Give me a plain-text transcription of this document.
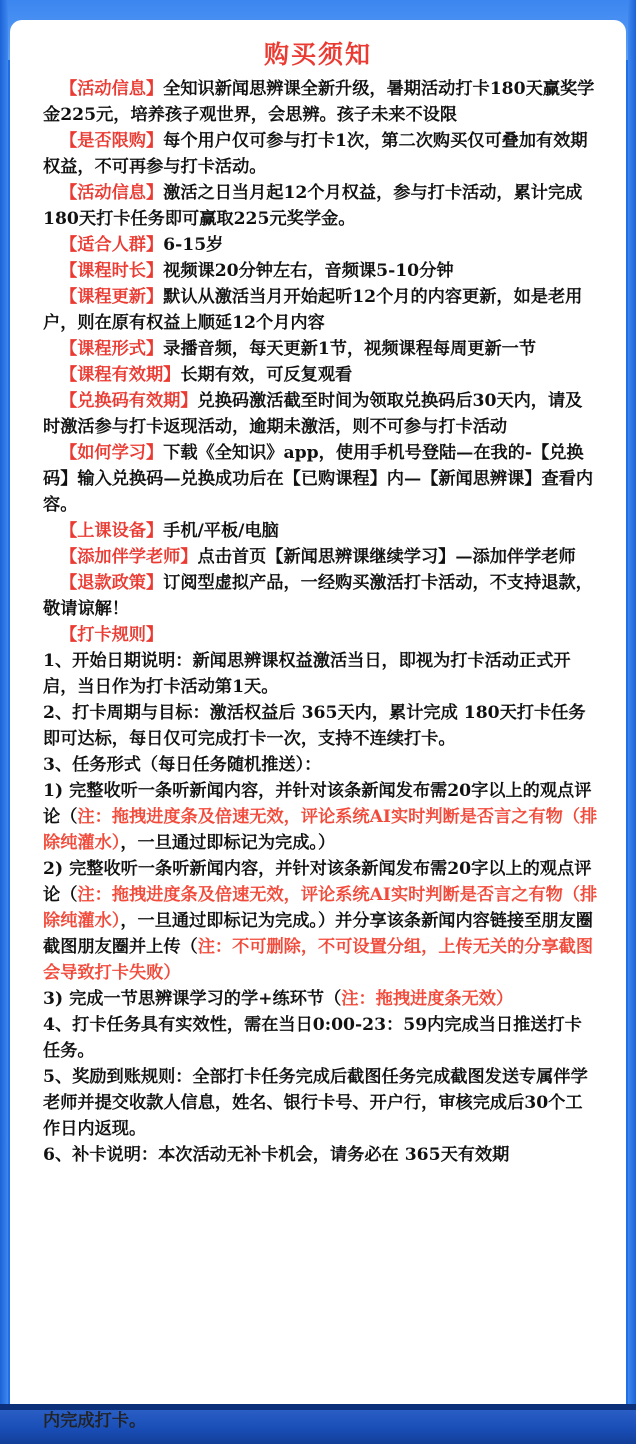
购买须知

【活动信息】全知识新闻思辨课全新升级，暑期活动打卡180天赢奖学金225元，培养孩子观世界，会思辨。孩子未来不设限

【是否限购】每个用户仅可参与打卡1次，第二次购买仅可叠加有效期权益，不可再参与打卡活动。

【活动信息】激活之日当月起12个月权益，参与打卡活动，累计完成180天打卡任务即可赢取225元奖学金。

【适合人群】6-15岁

【课程时长】视频课20分钟左右，音频课5-10分钟

【课程更新】默认从激活当月开始起听12个月的内容更新，如是老用户，则在原有权益上顺延12个月内容

【课程形式】录播音频，每天更新1节，视频课程每周更新一节

【课程有效期】长期有效，可反复观看

【兑换码有效期】兑换码激活截至时间为领取兑换码后30天内，请及时激活参与打卡返现活动，逾期未激活，则不可参与打卡活动

【如何学习】下载《全知识》app，使用手机号登陆—在我的-【兑换码】输入兑换码—兑换成功后在【已购课程】内—【新闻思辨课】查看内容。

【上课设备】手机/平板/电脑

【添加伴学老师】点击首页【新闻思辨课继续学习】—添加伴学老师

【退款政策】订阅型虚拟产品，一经购买激活打卡活动，不支持退款，敬请谅解！

【打卡规则】

1、开始日期说明：新闻思辨课权益激活当日，即视为打卡活动正式开启，当日作为打卡活动第1天。

2、打卡周期与目标：激活权益后 365天内，累计完成 180天打卡任务即可达标，每日仅可完成打卡一次，支持不连续打卡。

3、任务形式（每日任务随机推送）：

1) 完整收听一条听新闻内容，并针对该条新闻发布需20字以上的观点评论（注：拖拽进度条及倍速无效，评论系统AI实时判断是否言之有物（排除纯灌水），一旦通过即标记为完成。）

2) 完整收听一条听新闻内容，并针对该条新闻发布需20字以上的观点评论（注：拖拽进度条及倍速无效，评论系统AI实时判断是否言之有物（排除纯灌水），一旦通过即标记为完成。）并分享该条新闻内容链接至朋友圈截图朋友圈并上传（注：不可删除，不可设置分组，上传无关的分享截图会导致打卡失败）

3) 完成一节思辨课学习的学+练环节（注：拖拽进度条无效）

4、打卡任务具有实效性，需在当日0:00-23：59内完成当日推送打卡任务。

5、奖励到账规则：全部打卡任务完成后截图任务完成截图发送专属伴学老师并提交收款人信息，姓名、银行卡号、开户行，审核完成后30个工作日内返现。

6、补卡说明：本次活动无补卡机会，请务必在 365天有效期

内完成打卡。
